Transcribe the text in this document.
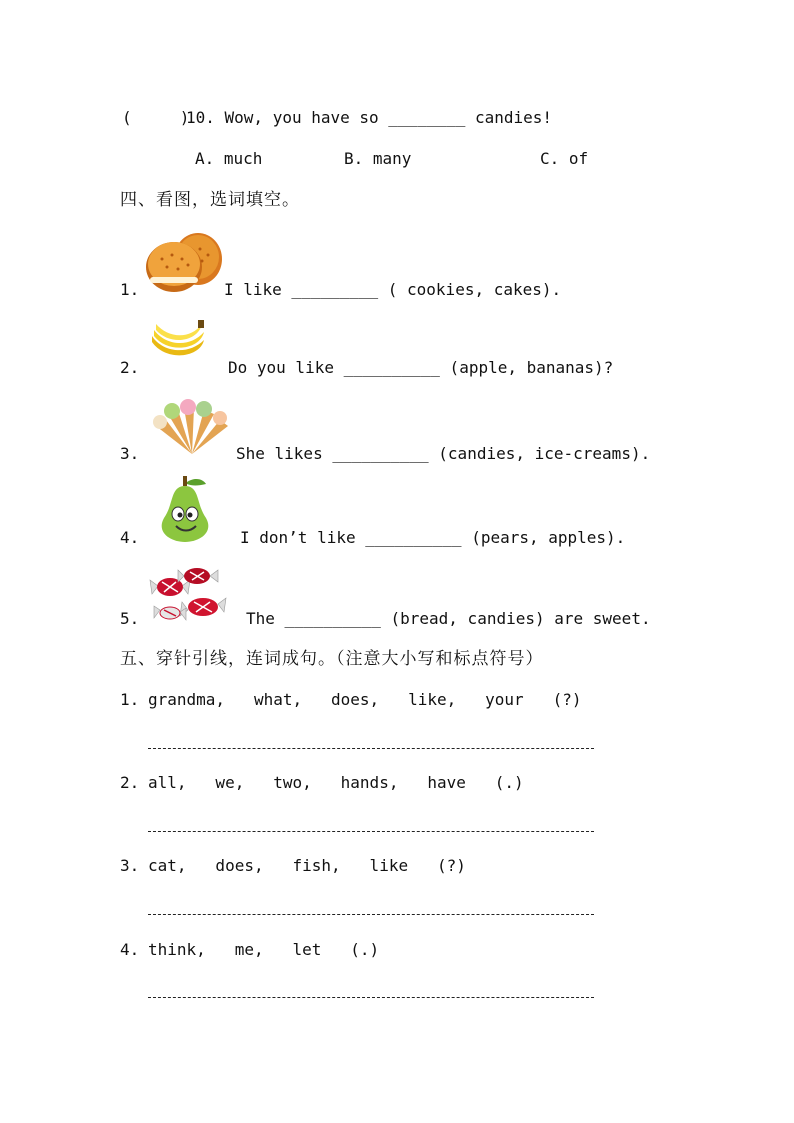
(     )
10. Wow, you have so ________ candies!
A. much	B. many	C. of
四、看图，选词填空。
1.	I like _________ ( cookies, cakes).
2.	Do you like __________ (apple, bananas)?
3.	She likes __________ (candies, ice-creams).
4.	I don’t like __________ (pears, apples).
5.	The __________ (bread, candies) are sweet.
五、穿针引线，连词成句。（注意大小写和标点符号）
1. grandma,   what,   does,   like,   your   (?)
2. all,   we,   two,   hands,   have   (.)
3. cat,   does,   fish,   like   (?)
4. think,   me,   let   (.)
